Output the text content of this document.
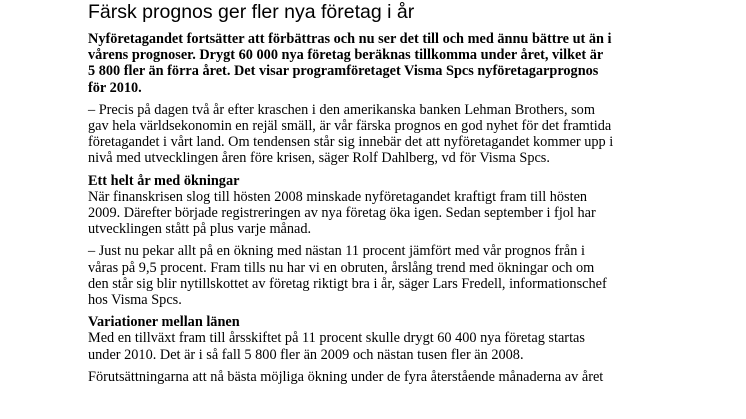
Färsk prognos ger fler nya företag i år

Nyföretagandet fortsätter att förbättras och nu ser det till och med ännu bättre ut än i
vårens prognoser. Drygt 60 000 nya företag beräknas tillkomma under året, vilket är
5 800 fler än förra året. Det visar programföretaget Visma Spcs nyföretagarprognos
för 2010.

– Precis på dagen två år efter kraschen i den amerikanska banken Lehman Brothers, som
gav hela världsekonomin en rejäl smäll, är vår färska prognos en god nyhet för det framtida
företagandet i vårt land. Om tendensen står sig innebär det att nyföretagandet kommer upp i
nivå med utvecklingen åren före krisen, säger Rolf Dahlberg, vd för Visma Spcs.

Ett helt år med ökningar

När finanskrisen slog till hösten 2008 minskade nyföretagandet kraftigt fram till hösten
2009. Därefter började registreringen av nya företag öka igen. Sedan september i fjol har
utvecklingen stått på plus varje månad.

– Just nu pekar allt på en ökning med nästan 11 procent jämfört med vår prognos från i
våras på 9,5 procent. Fram tills nu har vi en obruten, årslång trend med ökningar och om
den står sig blir nytillskottet av företag riktigt bra i år, säger Lars Fredell, informationschef
hos Visma Spcs.

Variationer mellan länen

Med en tillväxt fram till årsskiftet på 11 procent skulle drygt 60 400 nya företag startas
under 2010. Det är i så fall 5 800 fler än 2009 och nästan tusen fler än 2008.

Förutsättningarna att nå bästa möjliga ökning under de fyra återstående månaderna av året
